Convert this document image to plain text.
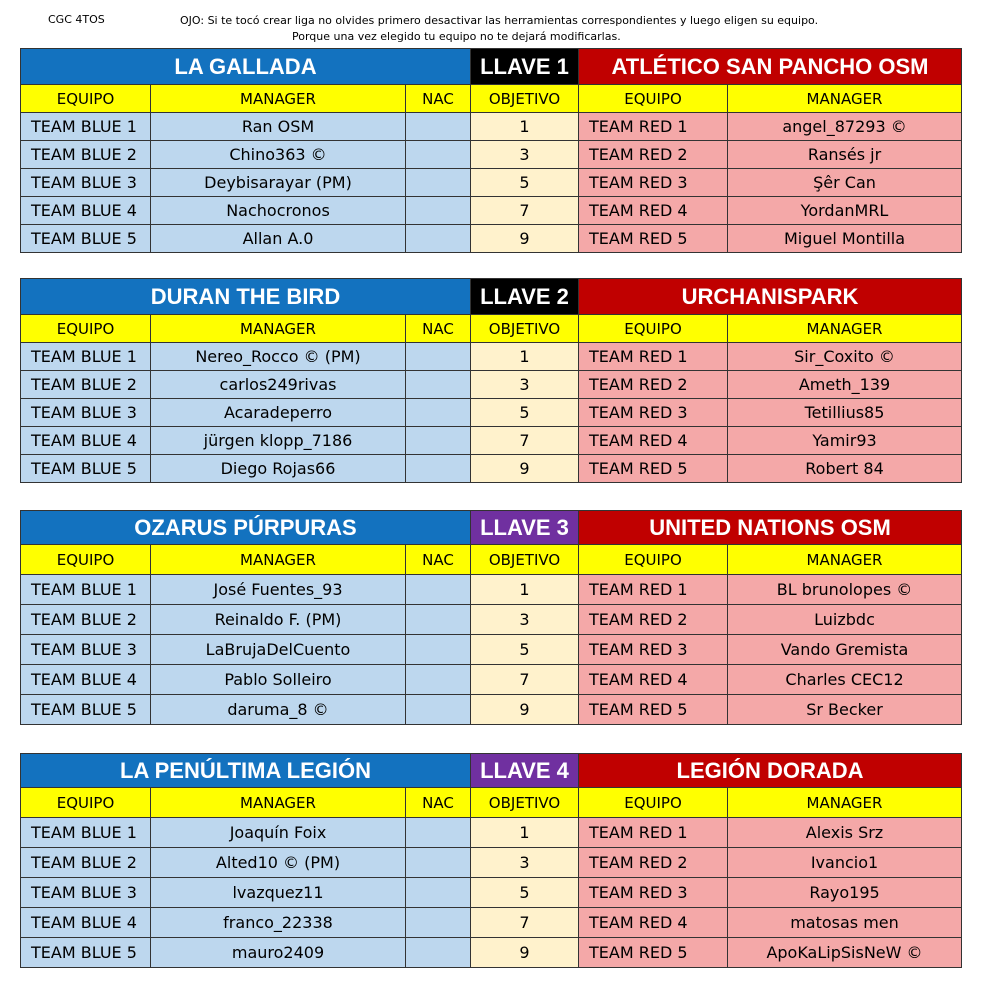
CGC 4TOS	OJO: Si te tocó crear liga no olvides primero desactivar las herramientas correspondientes y luego eligen su equipo.
Porque una vez elegido tu equipo no te dejará modificarlas.
LA GALLADA			LLAVE 1	ATLÉTICO SAN PANCHO OSM	
EQUIPO	MANAGER	NAC	OBJETIVO	EQUIPO	MANAGER
TEAM BLUE 1	Ran OSM		1	TEAM RED 1	angel_87293 ©
TEAM BLUE 2	Chino363 ©		3	TEAM RED 2	Ransés jr
TEAM BLUE 3	Deybisarayar (PM)		5	TEAM RED 3	Şêr Can
TEAM BLUE 4	Nachocronos		7	TEAM RED 4	YordanMRL
TEAM BLUE 5	Allan A.0		9	TEAM RED 5	Miguel Montilla
DURAN THE BIRD			LLAVE 2	URCHANISPARK	
EQUIPO	MANAGER	NAC	OBJETIVO	EQUIPO	MANAGER
TEAM BLUE 1	Nereo_Rocco © (PM)		1	TEAM RED 1	Sir_Coxito ©
TEAM BLUE 2	carlos249rivas		3	TEAM RED 2	Ameth_139
TEAM BLUE 3	Acaradeperro		5	TEAM RED 3	Tetillius85
TEAM BLUE 4	jürgen klopp_7186		7	TEAM RED 4	Yamir93
TEAM BLUE 5	Diego Rojas66		9	TEAM RED 5	Robert 84
OZARUS PÚRPURAS			LLAVE 3	UNITED NATIONS OSM	
EQUIPO	MANAGER	NAC	OBJETIVO	EQUIPO	MANAGER
TEAM BLUE 1	José Fuentes_93		1	TEAM RED 1	BL brunolopes ©
TEAM BLUE 2	Reinaldo F. (PM)		3	TEAM RED 2	Luizbdc
TEAM BLUE 3	LaBrujaDelCuento		5	TEAM RED 3	Vando Gremista
TEAM BLUE 4	Pablo Solleiro		7	TEAM RED 4	Charles CEC12
TEAM BLUE 5	daruma_8 ©		9	TEAM RED 5	Sr Becker
LA PENÚLTIMA LEGIÓN			LLAVE 4	LEGIÓN DORADA	
EQUIPO	MANAGER	NAC	OBJETIVO	EQUIPO	MANAGER
TEAM BLUE 1	Joaquín Foix		1	TEAM RED 1	Alexis Srz
TEAM BLUE 2	Alted10 © (PM)		3	TEAM RED 2	Ivancio1
TEAM BLUE 3	lvazquez11		5	TEAM RED 3	Rayo195
TEAM BLUE 4	franco_22338		7	TEAM RED 4	matosas men
TEAM BLUE 5	mauro2409		9	TEAM RED 5	ApoKaLipSisNeW ©
